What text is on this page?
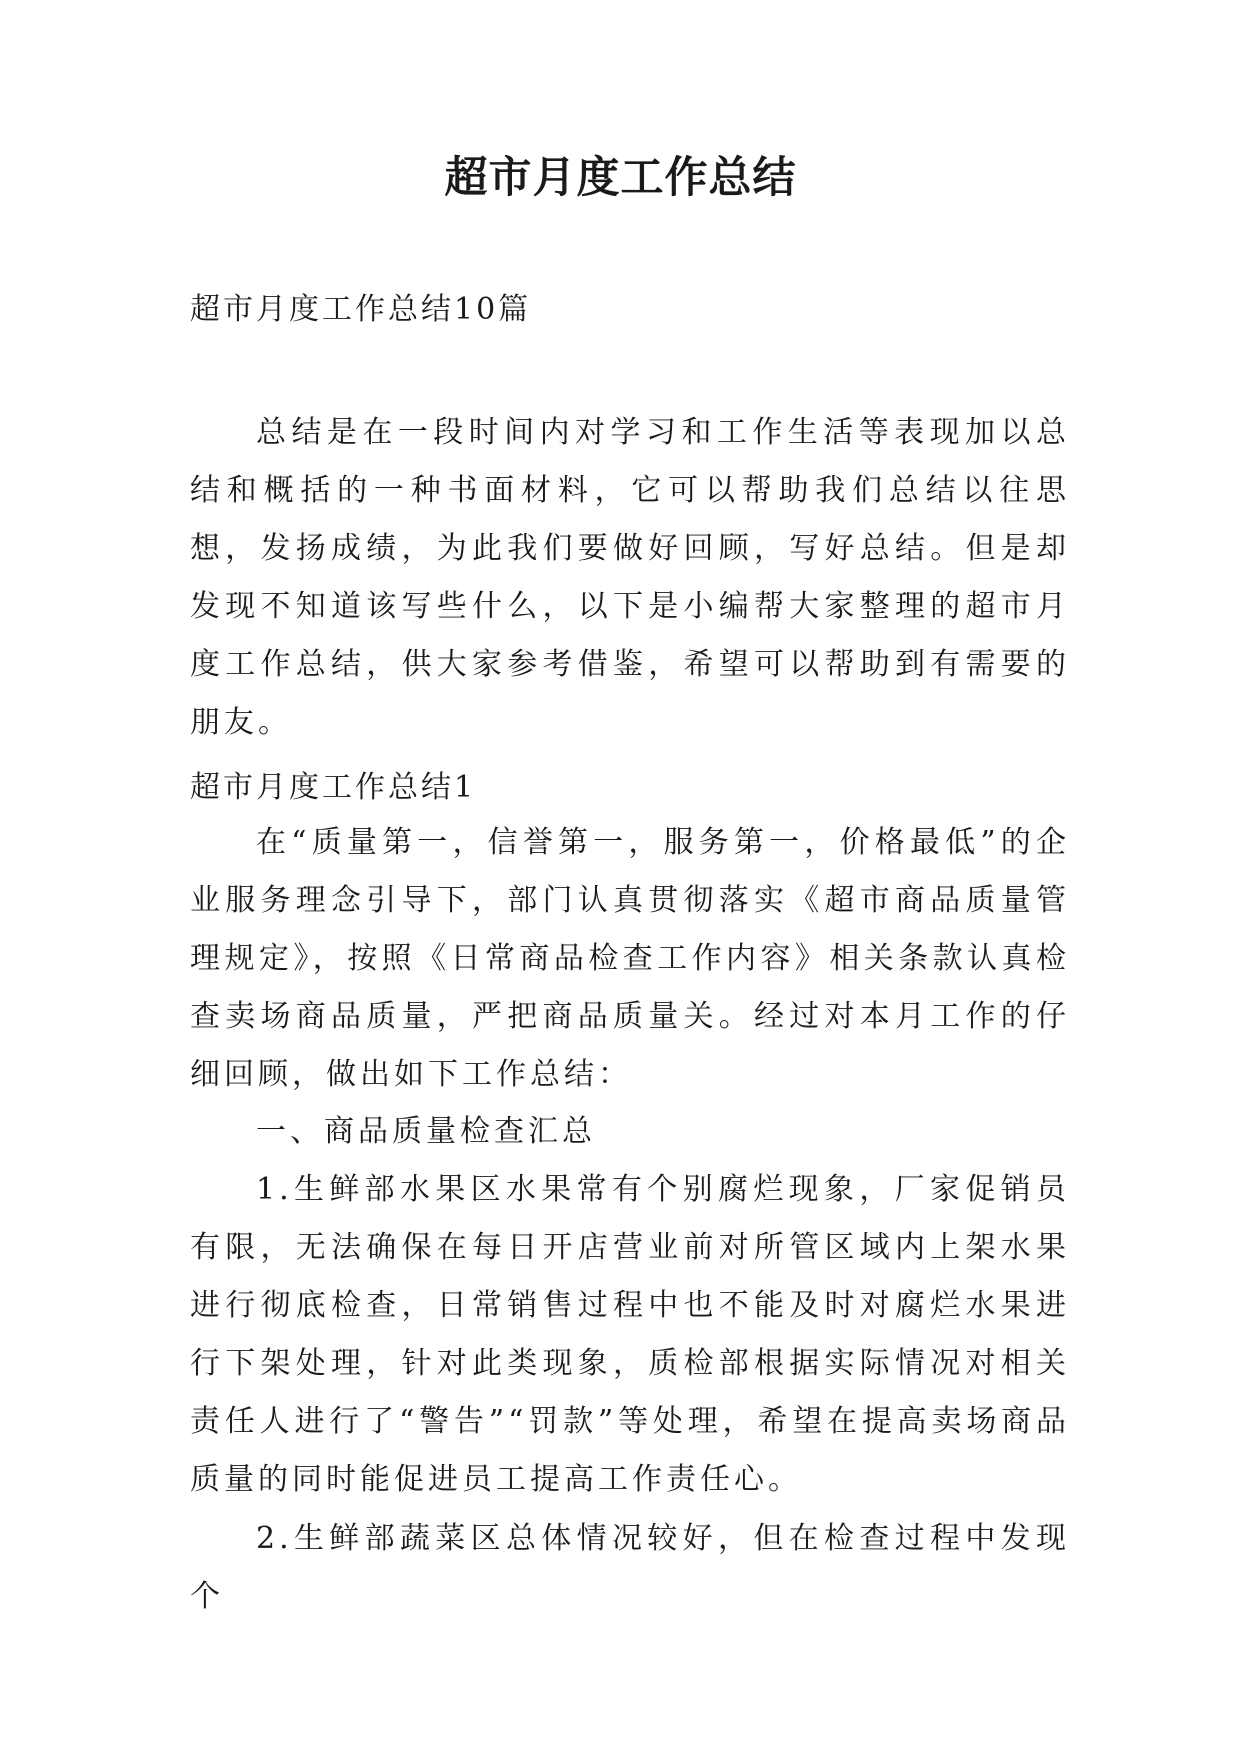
超市月度工作总结

超市月度工作总结10篇

总结是在一段时间内对学习和工作生活等表现加以总结和概括的一种书面材料，它可以帮助我们总结以往思想，发扬成绩，为此我们要做好回顾，写好总结。但是却发现不知道该写些什么，以下是小编帮大家整理的超市月度工作总结，供大家参考借鉴，希望可以帮助到有需要的朋友。

超市月度工作总结1

在“质量第一，信誉第一，服务第一，价格最低”的企业服务理念引导下，部门认真贯彻落实《超市商品质量管理规定》，按照《日常商品检查工作内容》相关条款认真检查卖场商品质量，严把商品质量关。经过对本月工作的仔细回顾，做出如下工作总结：

一、商品质量检查汇总

1.生鲜部水果区水果常有个别腐烂现象，厂家促销员有限，无法确保在每日开店营业前对所管区域内上架水果进行彻底检查，日常销售过程中也不能及时对腐烂水果进行下架处理，针对此类现象，质检部根据实际情况对相关责任人进行了“警告”“罚款”等处理，希望在提高卖场商品质量的同时能促进员工提高工作责任心。

2.生鲜部蔬菜区总体情况较好，但在检查过程中发现个
